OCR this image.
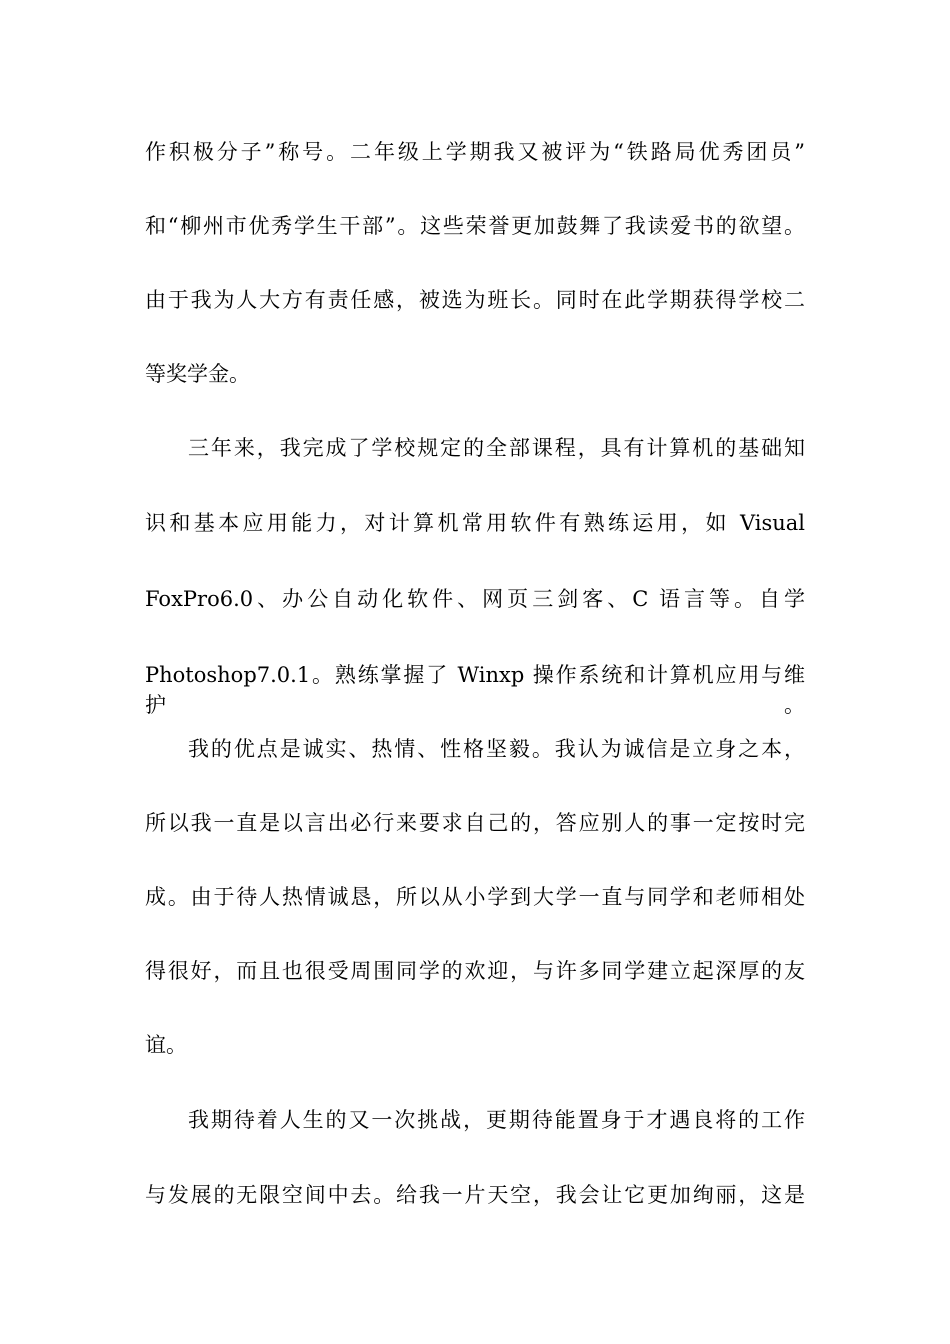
作积极分子”称号。二年级上学期我又被评为“铁路局优秀团员”
和“柳州市优秀学生干部”。这些荣誉更加鼓舞了我读爱书的欲望。
由于我为人大方有责任感，被选为班长。同时在此学期获得学校二
等奖学金。
三年来，我完成了学校规定的全部课程，具有计算机的基础知
识和基本应用能力，对计算机常用软件有熟练运用，如 Visual
FoxPro6.0、办公自动化软件、网页三剑客、C 语言等。自学
Photoshop7.0.1。熟练掌握了 Winxp 操作系统和计算机应用与维护。
我的优点是诚实、热情、性格坚毅。我认为诚信是立身之本，
所以我一直是以言出必行来要求自己的，答应别人的事一定按时完
成。由于待人热情诚恳，所以从小学到大学一直与同学和老师相处
得很好，而且也很受周围同学的欢迎，与许多同学建立起深厚的友
谊。
我期待着人生的又一次挑战，更期待能置身于才遇良将的工作
与发展的无限空间中去。给我一片天空，我会让它更加绚丽，这是
